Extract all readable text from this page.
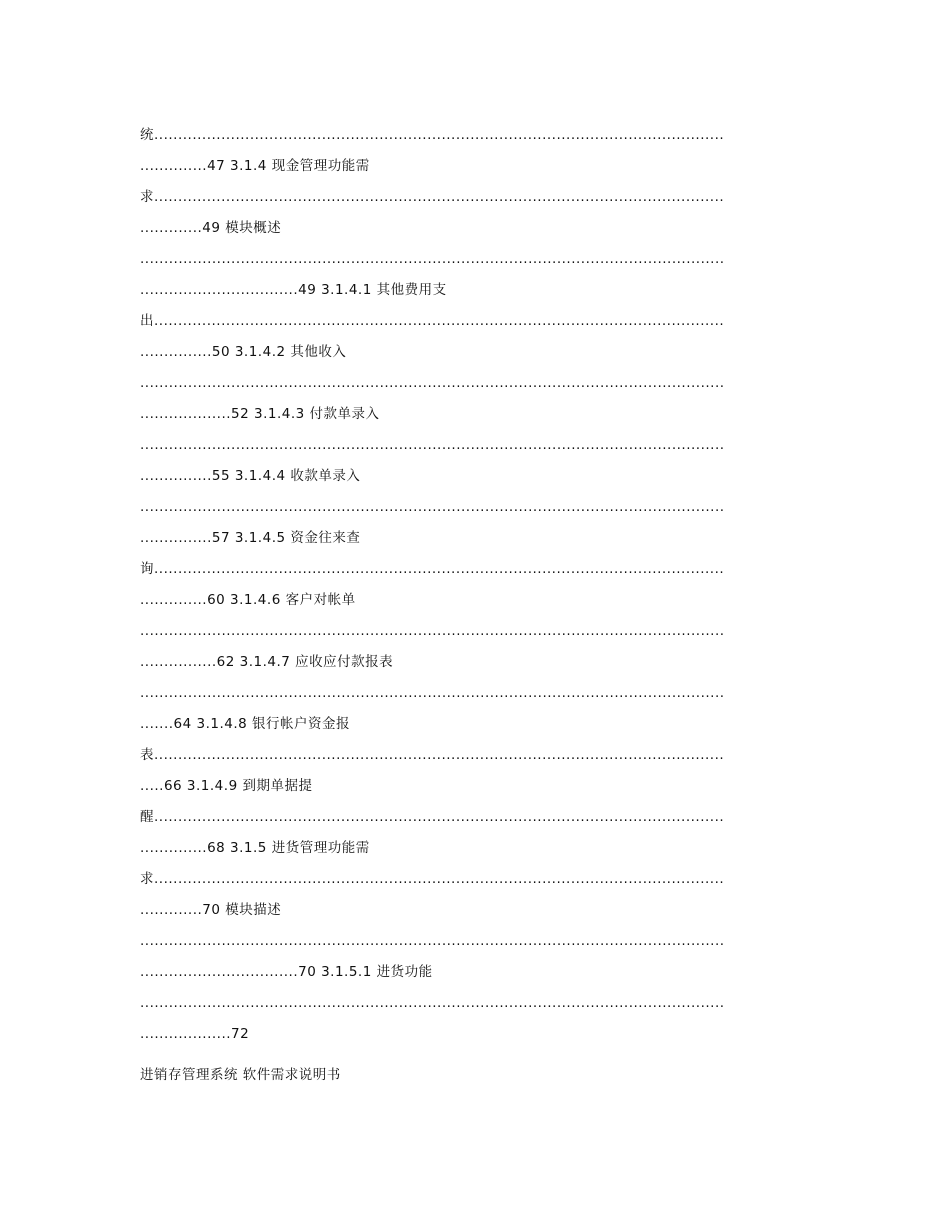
统.......................................................................................................................
..............47 3.1.4 现金管理功能需
求.......................................................................................................................
.............49 模块概述
..........................................................................................................................
.................................49 3.1.4.1 其他费用支
出.......................................................................................................................
...............50 3.1.4.2 其他收入
..........................................................................................................................
...................52 3.1.4.3 付款单录入
..........................................................................................................................
...............55 3.1.4.4 收款单录入
..........................................................................................................................
...............57 3.1.4.5 资金往来查
询.......................................................................................................................
..............60 3.1.4.6 客户对帐单
..........................................................................................................................
................62 3.1.4.7 应收应付款报表
..........................................................................................................................
.......64 3.1.4.8 银行帐户资金报
表.......................................................................................................................
.....66 3.1.4.9 到期单据提
醒.......................................................................................................................
..............68 3.1.5 进货管理功能需
求.......................................................................................................................
.............70 模块描述
..........................................................................................................................
.................................70 3.1.5.1 进货功能
..........................................................................................................................
...................72
进销存管理系统 软件需求说明书
